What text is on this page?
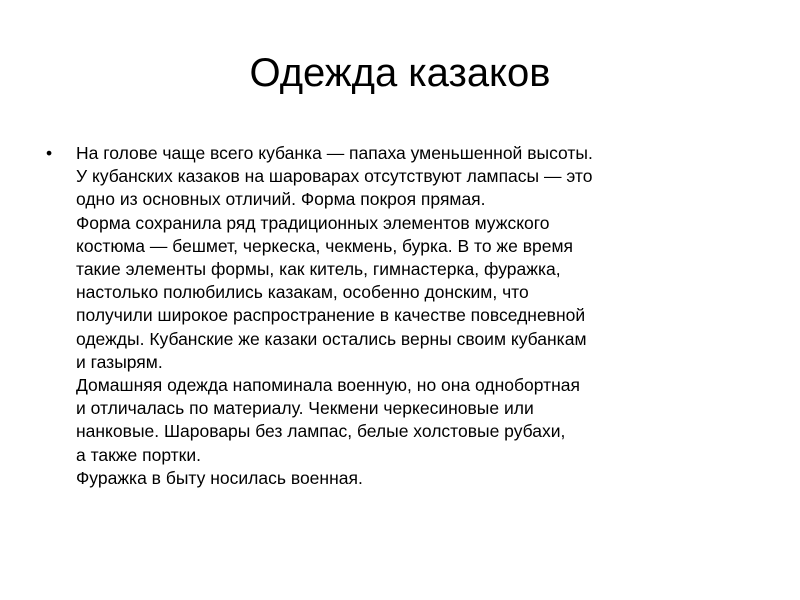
Одежда казаков
•	На голове чаще всего кубанка — папаха уменьшенной высоты.
У кубанских казаков на шароварах отсутствуют лампасы — это
одно из основных отличий. Форма покроя прямая.
Форма сохранила ряд традиционных элементов мужского
костюма — бешмет, черкеска, чекмень, бурка. В то же время
такие элементы формы, как китель, гимнастерка, фуражка,
настолько полюбились казакам, особенно донским, что
получили широкое распространение в качестве повседневной
одежды. Кубанские же казаки остались верны своим кубанкам
и газырям.
Домашняя одежда напоминала военную, но она однобортная
и отличалась по материалу. Чекмени черкесиновые или
нанковые. Шаровары без лампас, белые холстовые рубахи,
а также портки.
Фуражка в быту носилась военная.
